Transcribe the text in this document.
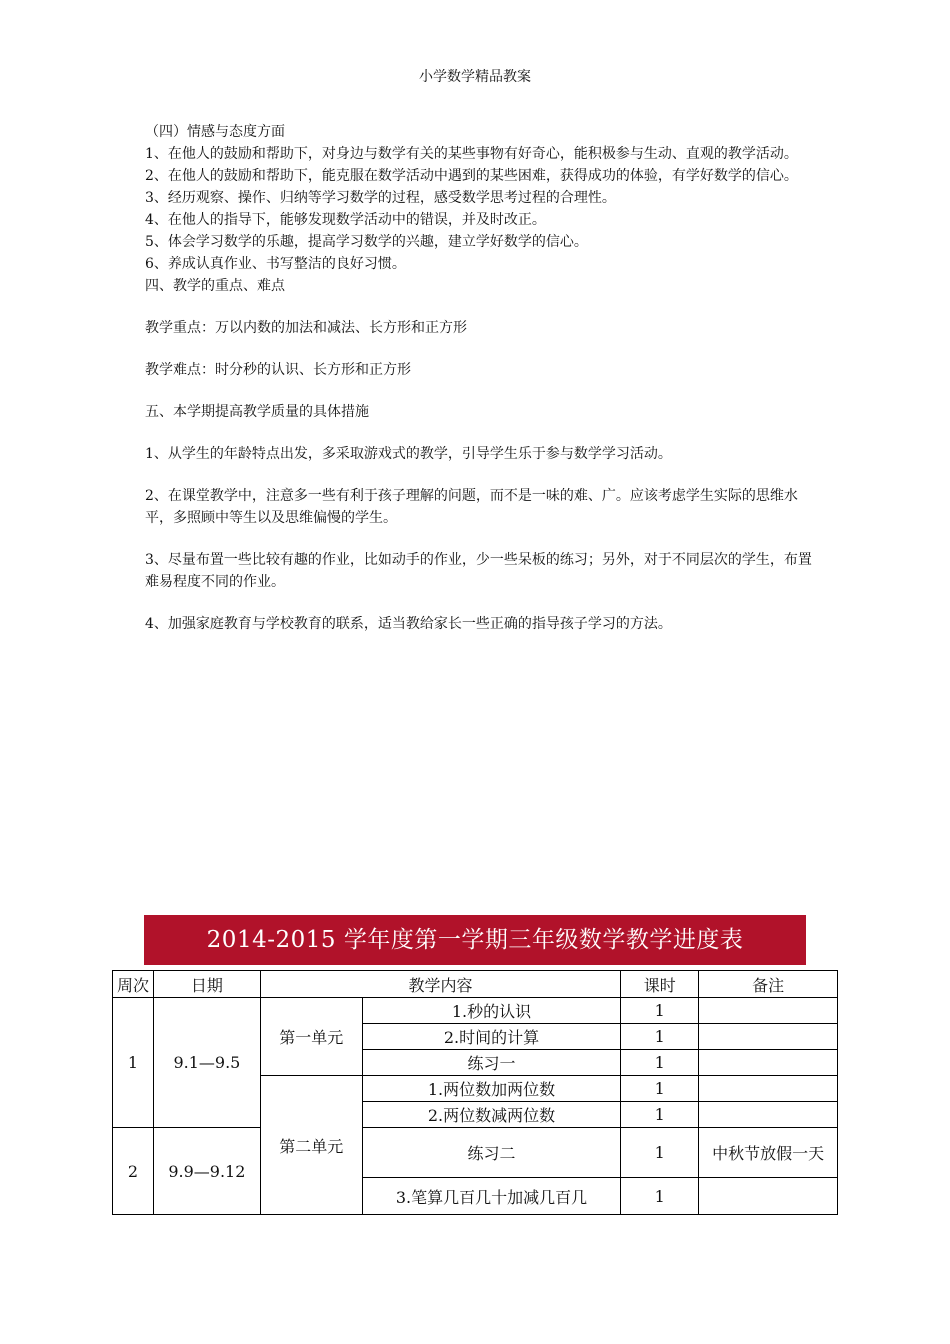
小学数学精品教案

（四）情感与态度方面

1、在他人的鼓励和帮助下，对身边与数学有关的某些事物有好奇心，能积极参与生动、直观的教学活动。

2、在他人的鼓励和帮助下，能克服在数学活动中遇到的某些困难，获得成功的体验，有学好数学的信心。

3、经历观察、操作、归纳等学习数学的过程，感受数学思考过程的合理性。

4、在他人的指导下，能够发现数学活动中的错误，并及时改正。

5、体会学习数学的乐趣，提高学习数学的兴趣，建立学好数学的信心。

6、养成认真作业、书写整洁的良好习惯。

四、教学的重点、难点

教学重点：万以内数的加法和减法、长方形和正方形

教学难点：时分秒的认识、长方形和正方形

五、本学期提高教学质量的具体措施

1、从学生的年龄特点出发，多采取游戏式的教学，引导学生乐于参与数学学习活动。

2、在课堂教学中，注意多一些有利于孩子理解的问题，而不是一味的难、广。应该考虑学生实际的思维水平，多照顾中等生以及思维偏慢的学生。

3、尽量布置一些比较有趣的作业，比如动手的作业，少一些呆板的练习；另外，对于不同层次的学生，布置难易程度不同的作业。

4、加强家庭教育与学校教育的联系，适当教给家长一些正确的指导孩子学习的方法。

2014-2015 学年度第一学期三年级数学教学进度表
周次	日期	教学内容		课时	备注
1	9.1—9.5	第一单元	1.秒的认识	1	
			2.时间的计算	1	
			练习一	1	
		第二单元	1.两位数加两位数	1	
			2.两位数减两位数	1	
2	9.9—9.12		练习二	1	中秋节放假一天
			3.笔算几百几十加减几百几	1	
